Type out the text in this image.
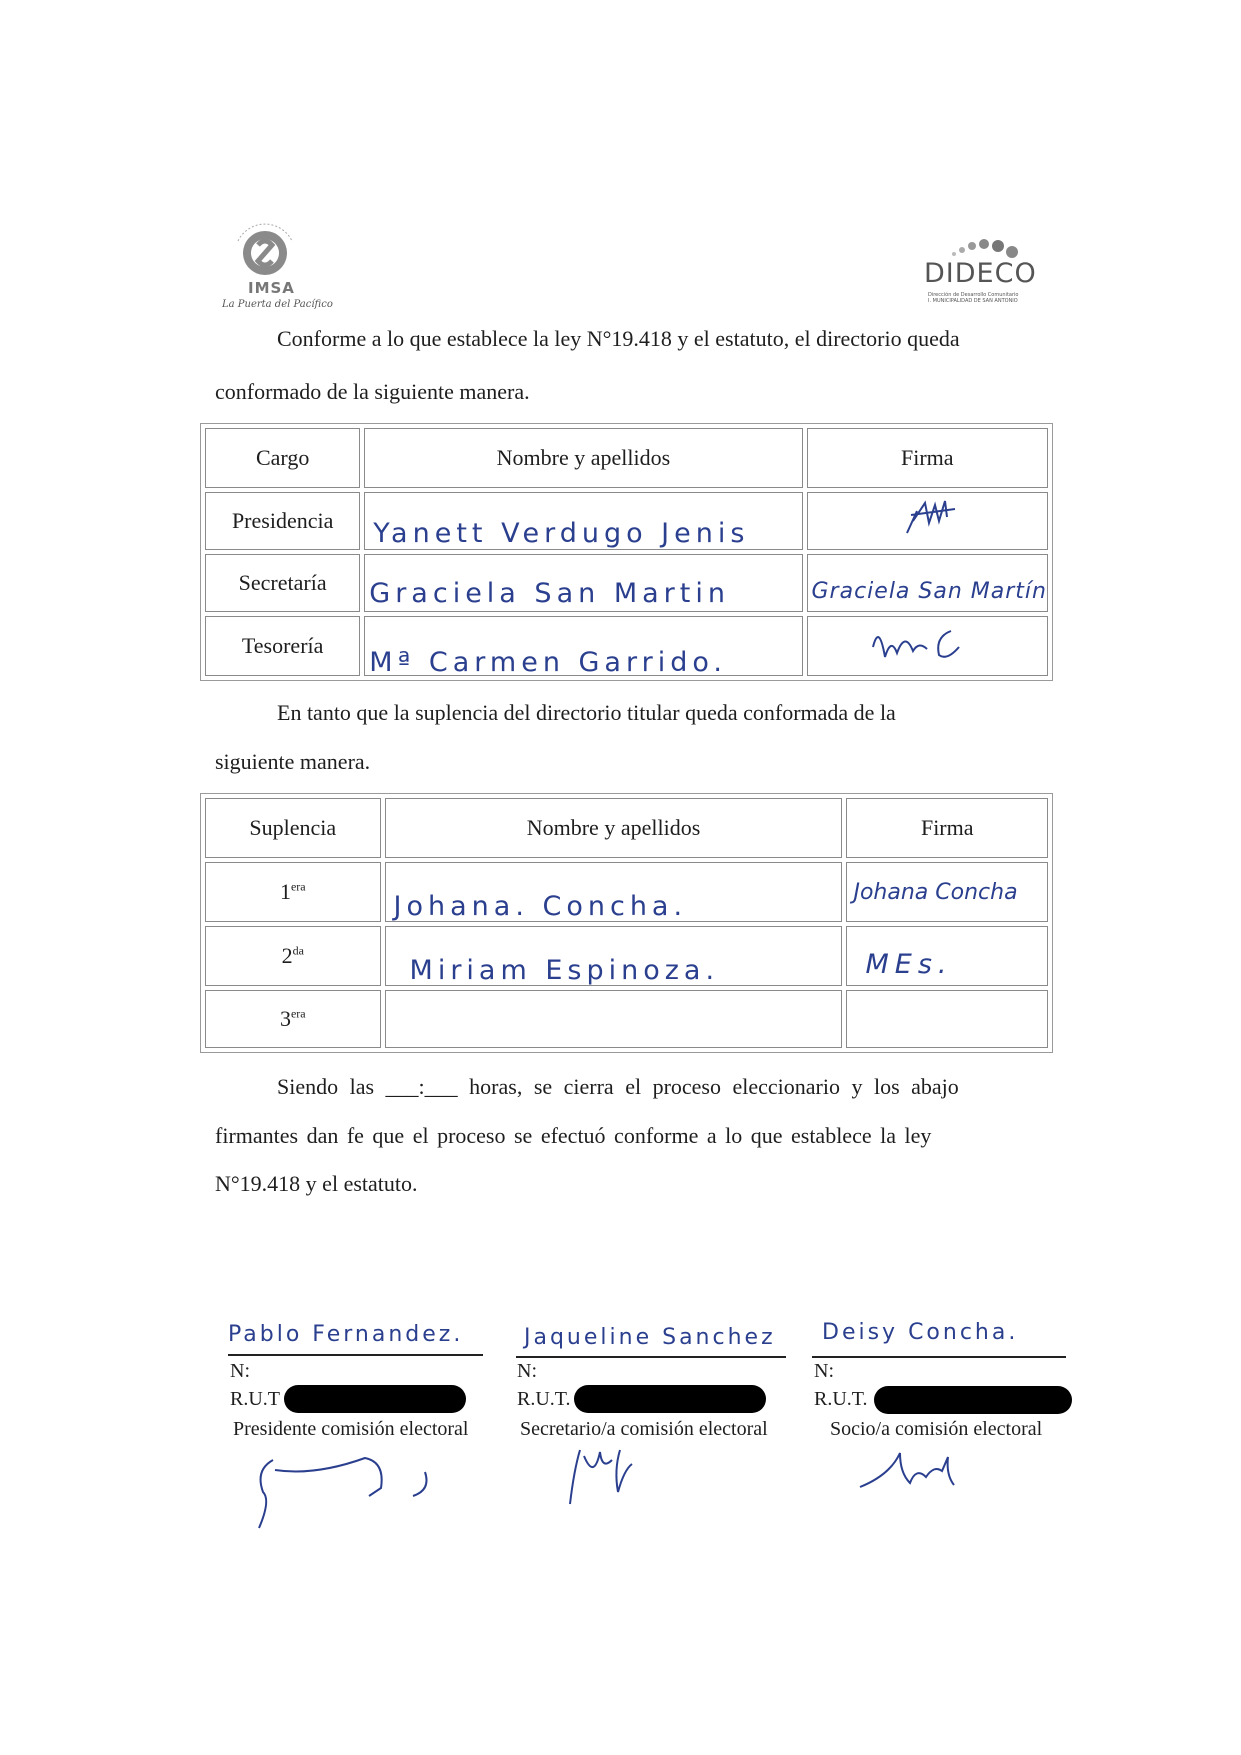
IMSA
La Puerta del Pacífico
DIDECO
Dirección de Desarrollo Comunitario
I. MUNICIPALIDAD DE SAN ANTONIO
Conforme a lo que establece la ley N°19.418 y el estatuto, el directorio queda
conformado de la siguiente manera.
Cargo	Nombre y apellidos	Firma
Presidencia	Yanett Verdugo Jenis	
Secretaría	Graciela San Martin	Graciela San Martín
Tesorería	Mª Carmen Garrido.	
En tanto que la suplencia del directorio titular queda conformada de la
siguiente manera.
Suplencia	Nombre y apellidos	Firma
$1^{era}$	Johana. Concha.	Johana Concha
$2^{da}$	Miriam Espinoza.	MEs.
$3^{era}$		
Siendo las ___:___ horas, se cierra el proceso eleccionario y los abajo
firmantes dan fe que el proceso se efectuó conforme a lo que establece la ley
N°19.418 y el estatuto.
Pablo Fernandez.
N:
R.U.T
Presidente comisión electoral
Jaqueline Sanchez
N:
R.U.T.
Secretario/a comisión electoral
Deisy Concha.
N:
R.U.T.
Socio/a comisión electoral
